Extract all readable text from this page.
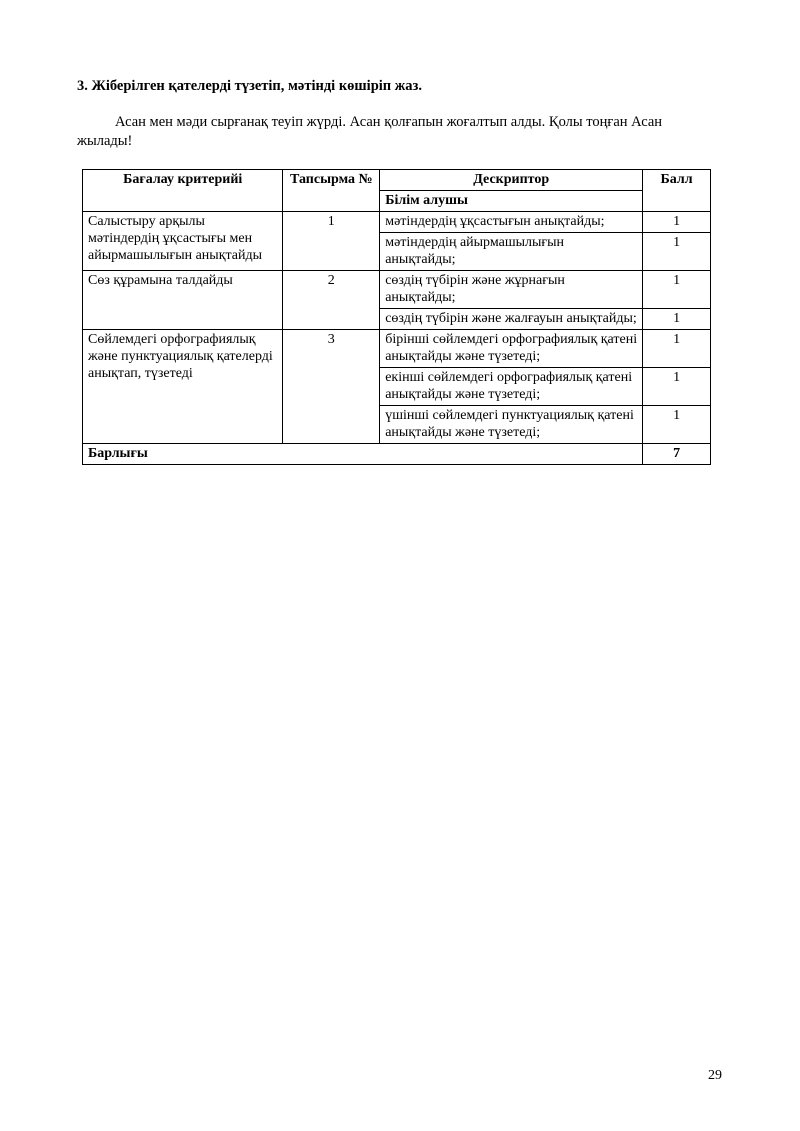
3. Жіберілген қателерді түзетіп, мәтінді көшіріп жаз.

Асан мен мәди сырғанақ теуіп жүрді. Асан қолғапын жоғалтып алды. Қолы тоңған Асан жылады!

Бағалау критерийі	Тапсырма №	Дескриптор	Балл
		Білім алушы	
Салыстыру арқылы мәтіндердің ұқсастығы мен айырмашылығын анықтайды	1	мәтіндердің ұқсастығын анықтайды;	1
		мәтіндердің айырмашылығын анықтайды;	1
Сөз құрамына талдайды	2	сөздің түбірін және жұрнағын анықтайды;	1
		сөздің түбірін және жалғауын анықтайды;	1
Сөйлемдегі орфографиялық және пунктуациялық қателерді анықтап, түзетеді	3	бірінші сөйлемдегі орфографиялық қатені анықтайды және түзетеді;	1
		екінші сөйлемдегі орфографиялық қатені анықтайды және түзетеді;	1
		үшінші сөйлемдегі пунктуациялық қатені анықтайды және түзетеді;	1
Барлығы			7

29
